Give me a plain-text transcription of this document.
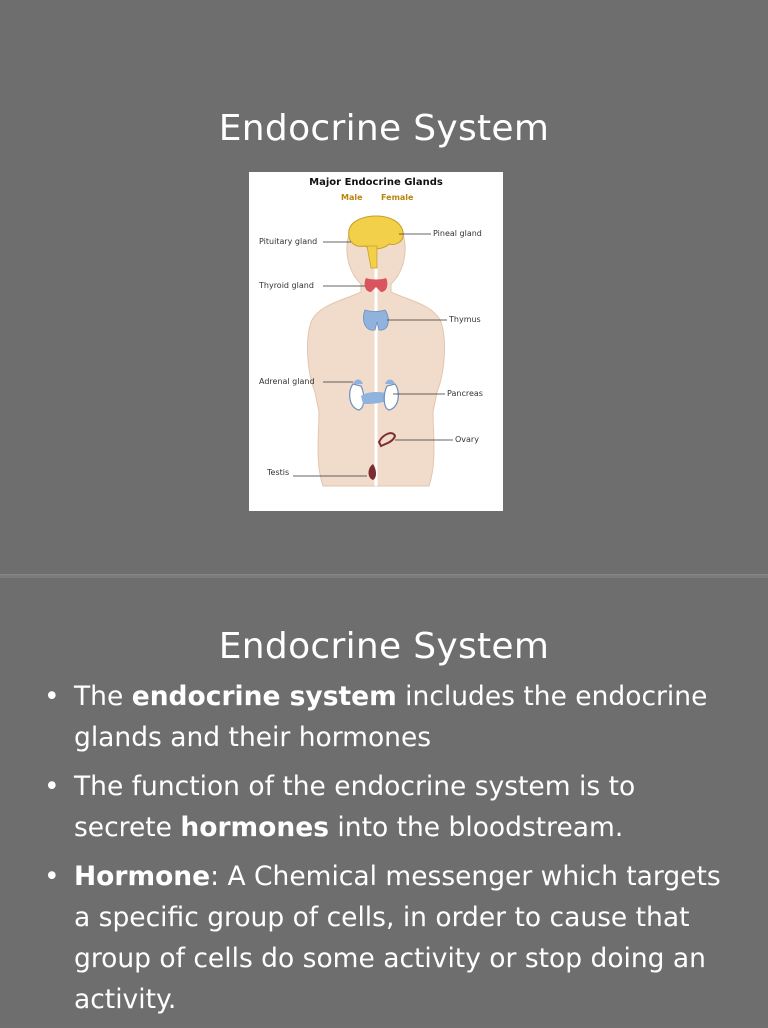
Endocrine System
Major Endocrine Glands
Male Female
Pituitary gland
Pineal gland
Thyroid gland
Thymus
Adrenal gland
Pancreas
Ovary
Testis
Endocrine System
• The endocrine system includes the endocrine glands and their hormones
• The function of the endocrine system is to secrete hormones into the bloodstream.
• Hormone: A Chemical messenger which targets a specific group of cells, in order to cause that group of cells do some activity or stop doing an activity.
